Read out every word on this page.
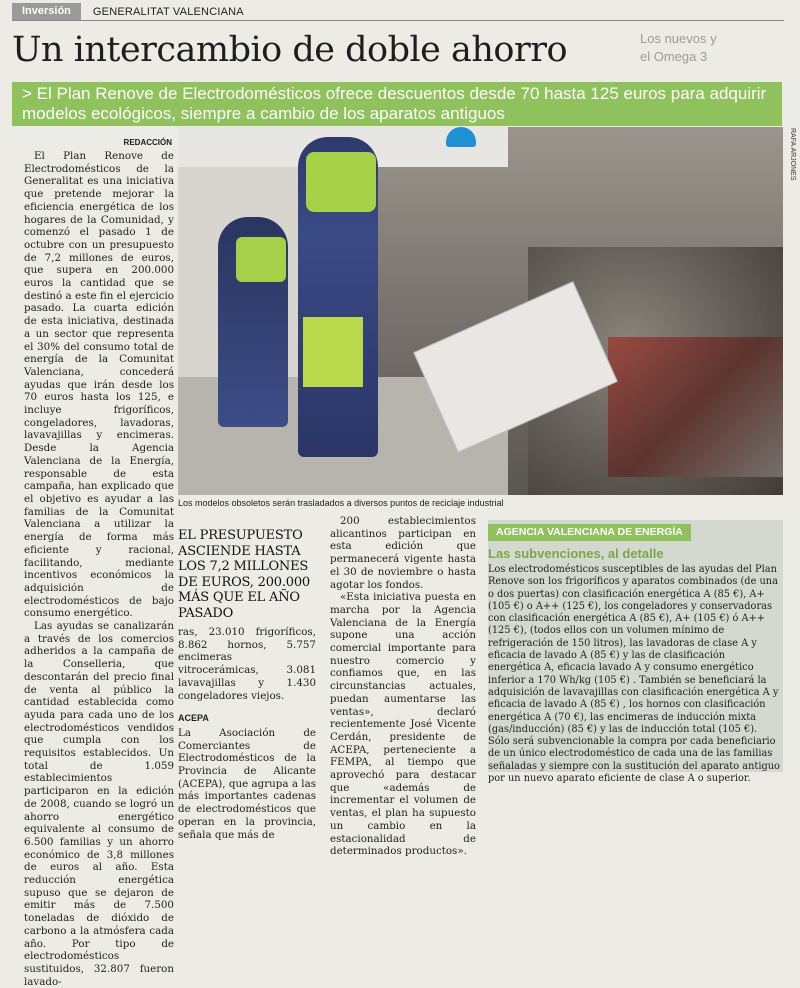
Inversión	GENERALITAT VALENCIANA
Un intercambio de doble ahorro	Los nuevos y
el Omega 3
> El Plan Renove de Electrodomésticos ofrece descuentos desde 70 hasta 125 euros para adquirir modelos ecológicos, siempre a cambio de los aparatos antiguos
RAFA ARJONES
Los modelos obsoletos serán trasladados a diversos puntos de reciclaje industrial
REDACCIÓN

El Plan Renove de Electrodomésticos de la Generalitat es una iniciativa que pretende mejorar la eficiencia energética de los hogares de la Comunidad, y comenzó el pasado 1 de octubre con un presupuesto de 7,2 millones de euros, que supera en 200.000 euros la cantidad que se destinó a este fin el ejercicio pasado. La cuarta edición de esta iniciativa, destinada a un sector que representa el 30% del consumo total de energía de la Comunitat Valenciana, concederá ayudas que irán desde los 70 euros hasta los 125, e incluye frigoríficos, congeladores, lavadoras, lavavajillas y encimeras. Desde la Agencia Valenciana de la Energía, responsable de esta campaña, han explicado que el objetivo es ayudar a las familias de la Comunitat Valenciana a utilizar la energía de forma más eficiente y racional, facilitando, mediante incentivos económicos la adquisición de electrodomésticos de bajo consumo energético.

Las ayudas se canalizarán a través de los comercios adheridos a la campaña de la Conselleria, que descontarán del precio final de venta al público la cantidad establecida como ayuda para cada uno de los electrodomésticos vendidos que cumpla con los requisitos establecidos. Un total de 1.059 establecimientos participaron en la edición de 2008, cuando se logró un ahorro energético equivalente al consumo de 6.500 familias y un ahorro económico de 3,8 millones de euros al año. Esta reducción energética supuso que se dejaron de emitir más de 7.500 toneladas de dióxido de carbono a la atmósfera cada año. Por tipo de electrodomésticos sustituidos, 32.807 fueron lavado-

EL PRESUPUESTO ASCIENDE HASTA LOS 7,2 MILLONES DE EUROS, 200.000 MÁS QUE EL AÑO PASADO

ras, 23.010 frigoríficos, 8.862 hornos, 5.757 encimeras vitrocerámicas, 3.081 lavavajillas y 1.430 congeladores viejos.

ACEPA

La Asociación de Comerciantes de Electrodomésticos de la Provincia de Alicante (ACEPA), que agrupa a las más importantes cadenas de electrodomésticos que operan en la provincia, señala que más de

200 establecimientos alicantinos participan en esta edición que permanecerá vigente hasta el 30 de noviembre o hasta agotar los fondos.

«Esta iniciativa puesta en marcha por la Agencia Valenciana de la Energía supone una acción comercial importante para nuestro comercio y confiamos que, en las circunstancias actuales, puedan aumentarse las ventas», declaró recientemente José Vicente Cerdán, presidente de ACEPA, perteneciente a FEMPA, al tiempo que aprovechó para destacar que «además de incrementar el volumen de ventas, el plan ha supuesto un cambio en la estacionalidad de determinados productos».

AGENCIA VALENCIANA DE ENERGÍA
Las subvenciones, al detalle
Los electrodomésticos susceptibles de las ayudas del Plan Renove son los frigoríficos y aparatos combinados (de una o dos puertas) con clasificación energética A (85 €), A+ (105 €) o A++ (125 €), los congeladores y conservadoras con clasificación energética A (85 €), A+ (105 €) ó A++ (125 €), (todos ellos con un volumen mínimo de refrigeración de 150 litros), las lavadoras de clase A y eficacia de lavado A (85 €) y las de clasificación energética A, eficacia lavado A y consumo energético inferior a 170 Wh/kg (105 €) . También se beneficiará la adquisición de lavavajillas con clasificación energética A y eficacia de lavado A (85 €) , los hornos con clasificación energética A (70 €), las encimeras de inducción mixta (gas/inducción) (85 €) y las de inducción total (105 €). Sólo será subvencionable la compra por cada beneficiario de un único electrodoméstico de cada una de las familias señaladas y siempre con la sustitución del aparato antiguo por un nuevo aparato eficiente de clase A o superior.
